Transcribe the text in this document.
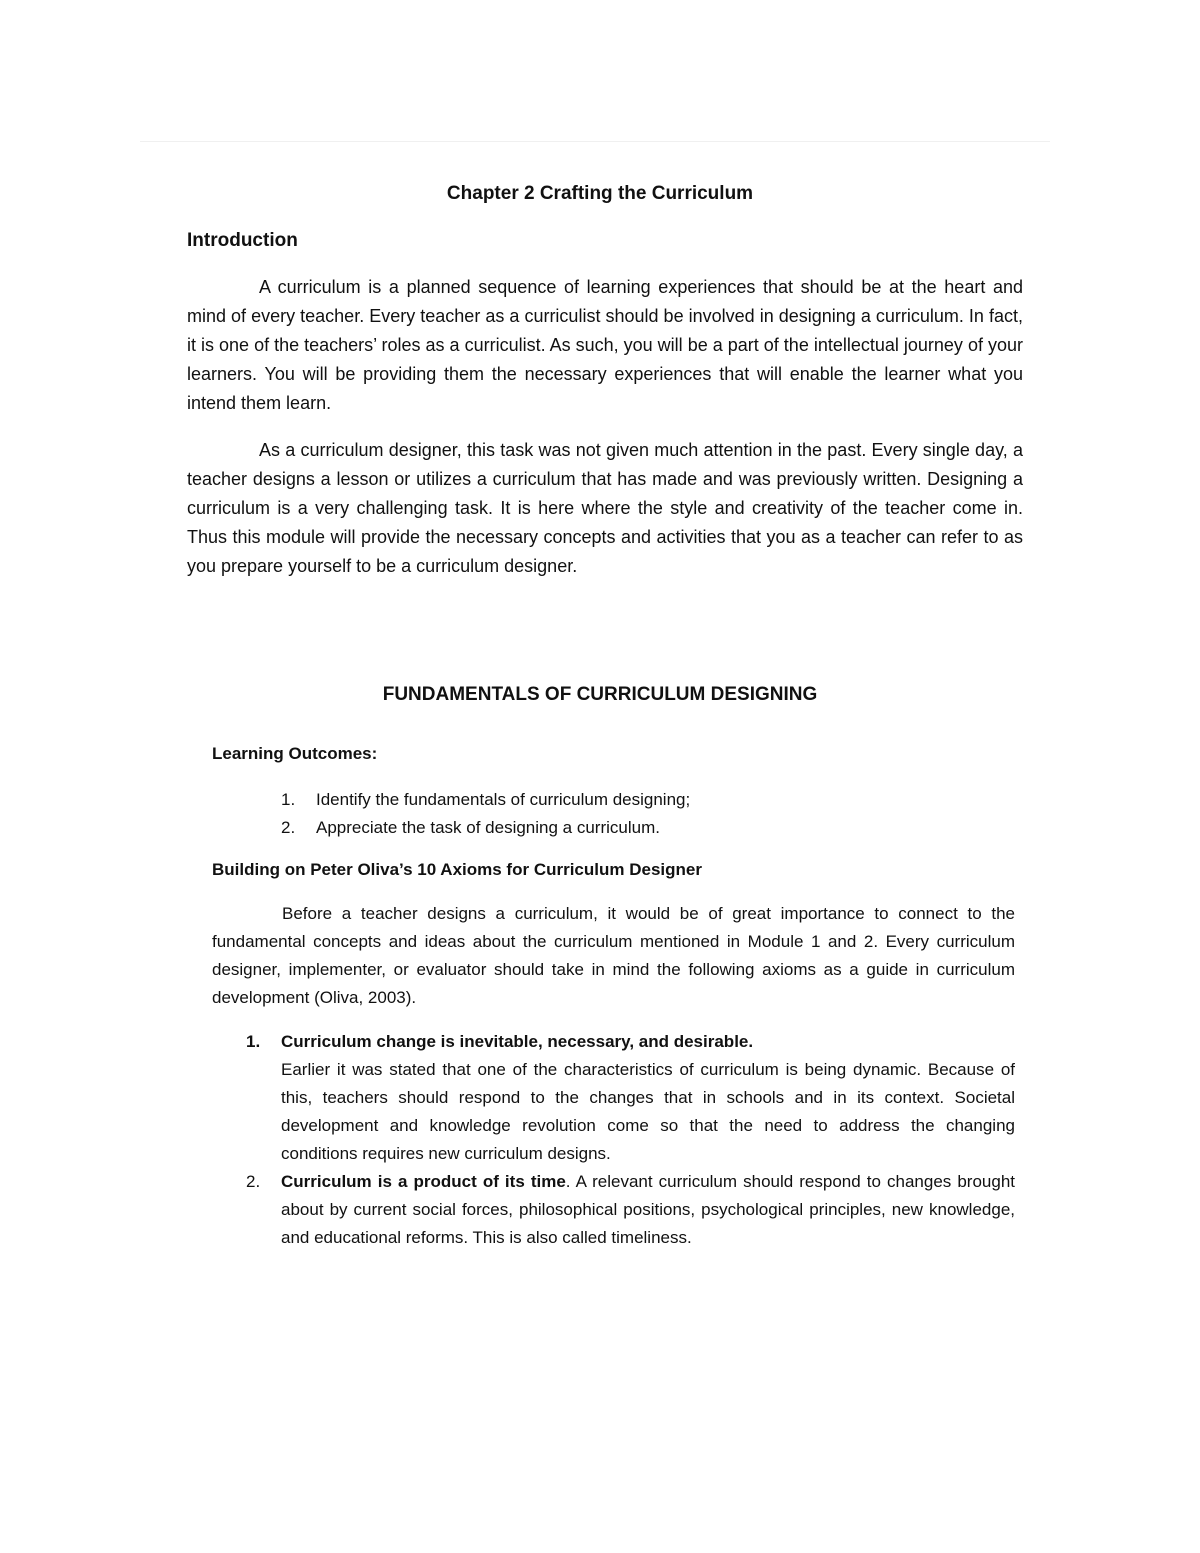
Chapter 2 Crafting the Curriculum
Introduction

A curriculum is a planned sequence of learning experiences that should be at the heart and mind of every teacher. Every teacher as a curriculist should be involved in designing a curriculum. In fact, it is one of the teachers’ roles as a curriculist. As such, you will be a part of the intellectual journey of your learners. You will be providing them the necessary experiences that will enable the learner what you intend them learn.

As a curriculum designer, this task was not given much attention in the past. Every single day, a teacher designs a lesson or utilizes a curriculum that has made and was previously written. Designing a curriculum is a very challenging task. It is here where the style and creativity of the teacher come in. Thus this module will provide the necessary concepts and activities that you as a teacher can refer to as you prepare yourself to be a curriculum designer.

FUNDAMENTALS OF CURRICULUM DESIGNING
Learning Outcomes:
1.	Identify the fundamentals of curriculum designing;
2.	Appreciate the task of designing a curriculum.
Building on Peter Oliva’s 10 Axioms for Curriculum Designer

Before a teacher designs a curriculum, it would be of great importance to connect to the fundamental concepts and ideas about the curriculum mentioned in Module 1 and 2. Every curriculum designer, implementer, or evaluator should take in mind the following axioms as a guide in curriculum development (Oliva, 2003).

1.	Curriculum change is inevitable, necessary, and desirable.
Earlier it was stated that one of the characteristics of curriculum is being dynamic. Because of this, teachers should respond to the changes that in schools and in its context. Societal development and knowledge revolution come so that the need to address the changing conditions requires new curriculum designs.
2.	Curriculum is a product of its time. A relevant curriculum should respond to changes brought about by current social forces, philosophical positions, psychological principles, new knowledge, and educational reforms. This is also called timeliness.
